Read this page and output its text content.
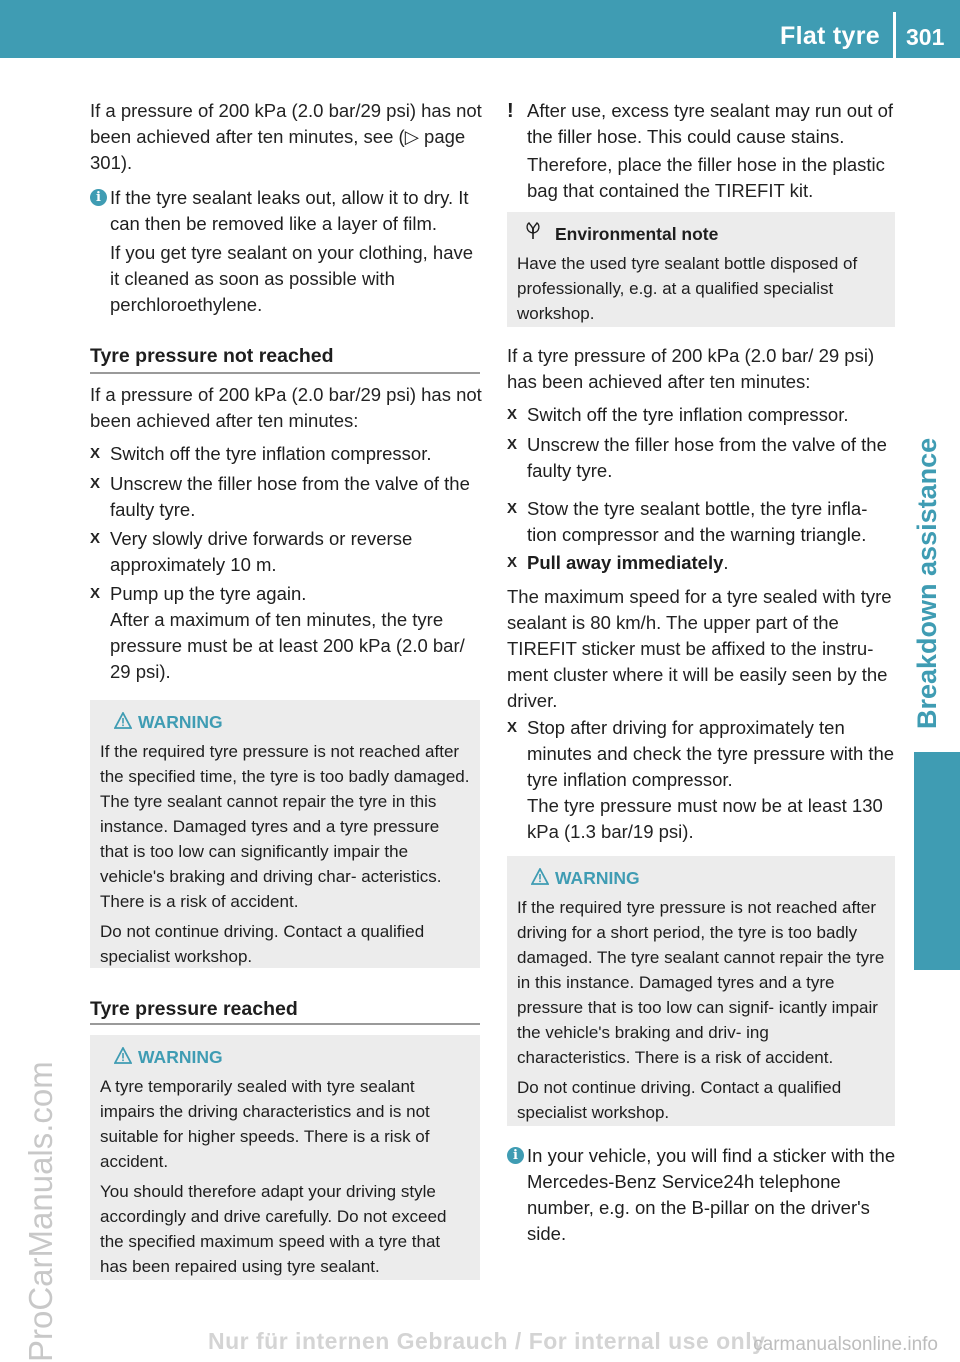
Flat tyre 301
Breakdown assistance
ProCarManuals.com
If a pressure of 200 kPa (2.0 bar/29 psi) has not been achieved after ten minutes, see (▷ page 301).
i If the tyre sealant leaks out, allow it to dry. It can then be removed like a layer of film.
If you get tyre sealant on your clothing, have it cleaned as soon as possible with perchloroethylene.
Tyre pressure not reached
If a pressure of 200 kPa (2.0 bar/29 psi) has not been achieved after ten minutes:
X Switch off the tyre inflation compressor.
X Unscrew the filler hose from the valve of the faulty tyre.
X Very slowly drive forwards or reverse approximately 10 m.
X Pump up the tyre again.
After a maximum of ten minutes, the tyre pressure must be at least 200 kPa (2.0 bar/ 29 psi).
WARNING

If the required tyre pressure is not reached after the specified time, the tyre is too badly damaged. The tyre sealant cannot repair the tyre in this instance. Damaged tyres and a tyre pressure that is too low can significantly impair the vehicle's braking and driving char- acteristics. There is a risk of accident.

Do not continue driving. Contact a qualified specialist workshop.

Tyre pressure reached
WARNING

A tyre temporarily sealed with tyre sealant impairs the driving characteristics and is not suitable for higher speeds. There is a risk of accident.

You should therefore adapt your driving style accordingly and drive carefully. Do not exceed the specified maximum speed with a tyre that has been repaired using tyre sealant.

! After use, excess tyre sealant may run out of the filler hose. This could cause stains.
Therefore, place the filler hose in the plastic bag that contained the TIREFIT kit.
Environmental note

Have the used tyre sealant bottle disposed of professionally, e.g. at a qualified specialist workshop.

If a tyre pressure of 200 kPa (2.0 bar/ 29 psi) has been achieved after ten minutes:
X Switch off the tyre inflation compressor.
X Unscrew the filler hose from the valve of the faulty tyre.
X Stow the tyre sealant bottle, the tyre infla- tion compressor and the warning triangle.
X Pull away immediately.
The maximum speed for a tyre sealed with tyre sealant is 80 km/h. The upper part of the TIREFIT sticker must be affixed to the instru- ment cluster where it will be easily seen by the driver.
X Stop after driving for approximately ten minutes and check the tyre pressure with the tyre inflation compressor.
The tyre pressure must now be at least 130 kPa (1.3 bar/19 psi).
WARNING

If the required tyre pressure is not reached after driving for a short period, the tyre is too badly damaged. The tyre sealant cannot repair the tyre in this instance. Damaged tyres and a tyre pressure that is too low can signif- icantly impair the vehicle's braking and driv- ing characteristics. There is a risk of accident.

Do not continue driving. Contact a qualified specialist workshop.

i In your vehicle, you will find a sticker with the Mercedes-Benz Service24h telephone number, e.g. on the B-pillar on the driver's side.
Nur für internen Gebrauch / For internal use only
carmanualsonline.info
